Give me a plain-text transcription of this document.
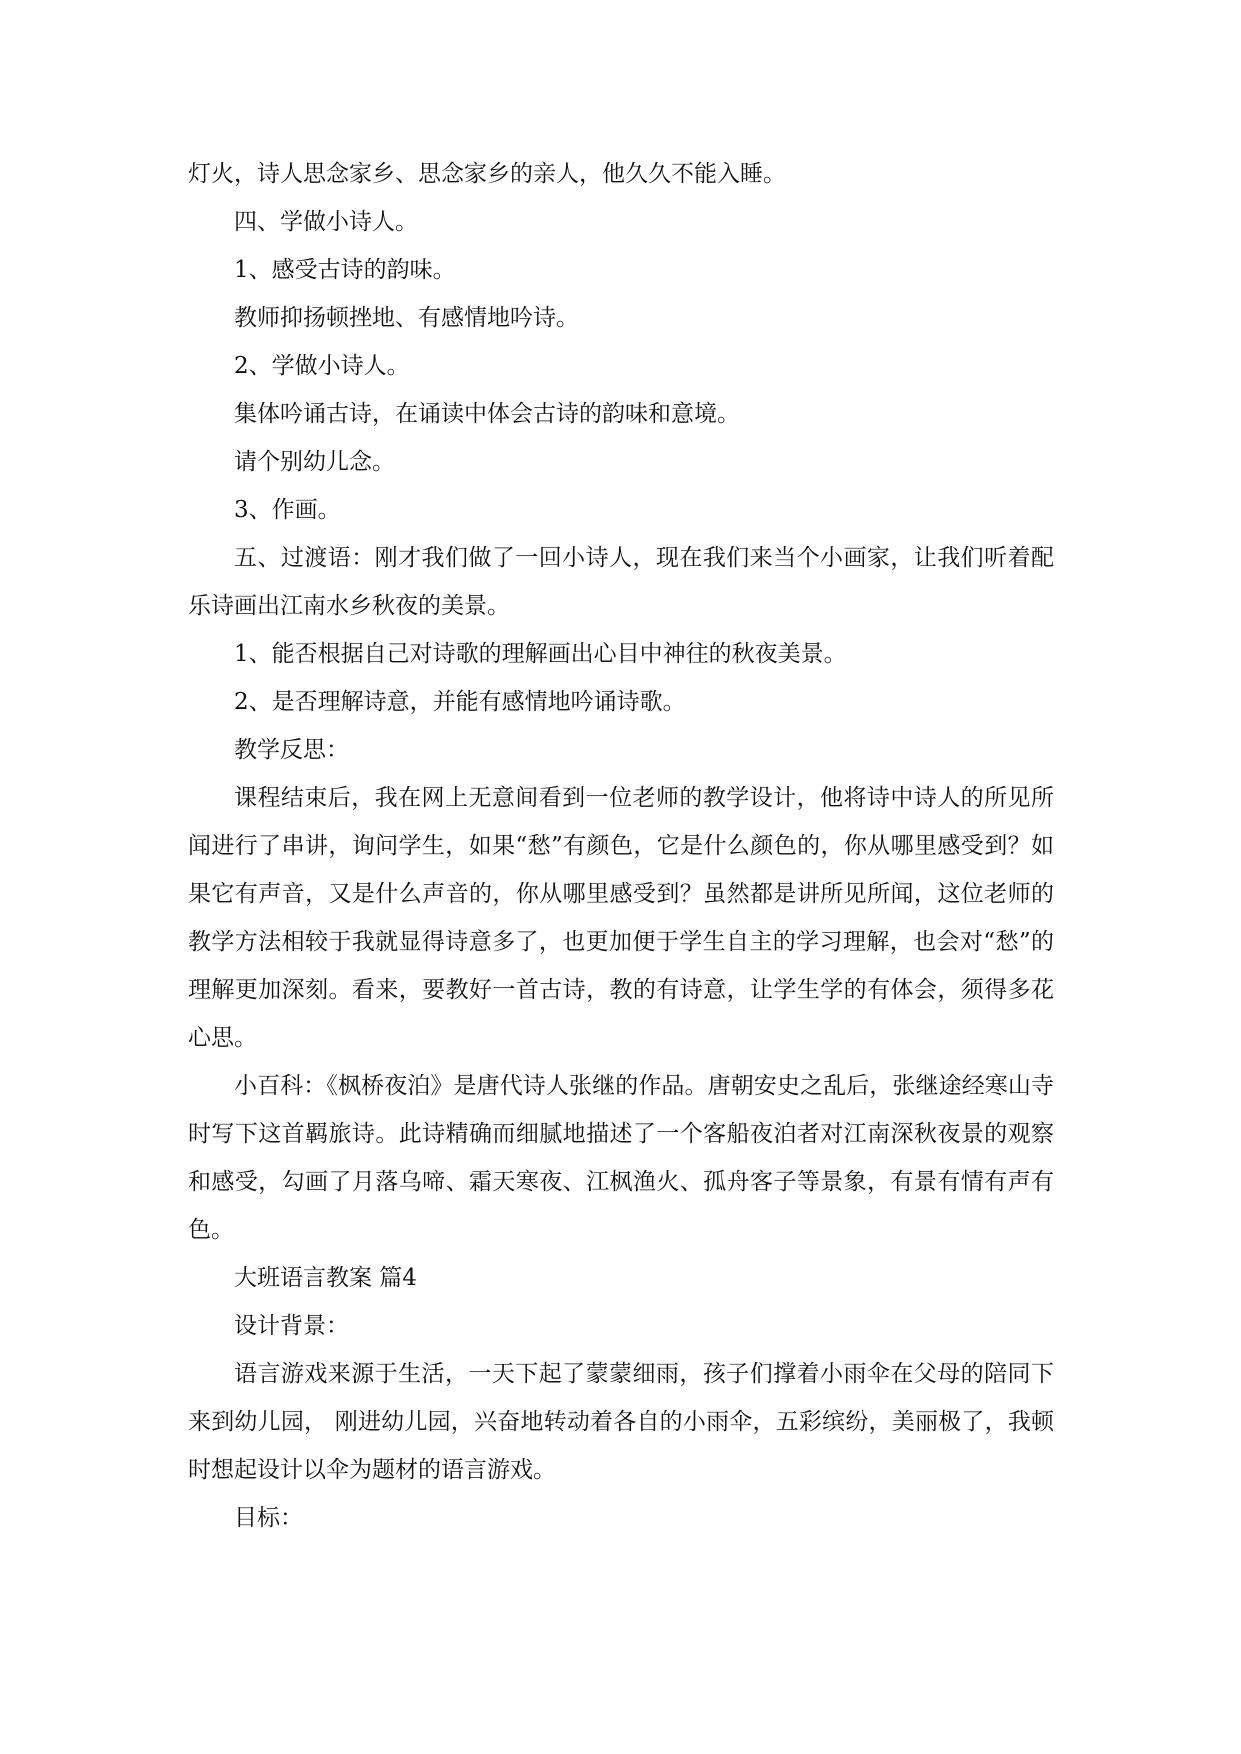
灯火，诗人思念家乡、思念家乡的亲人，他久久不能入睡。

四、学做小诗人。

1、感受古诗的韵味。

教师抑扬顿挫地、有感情地吟诗。

2、学做小诗人。

集体吟诵古诗，在诵读中体会古诗的韵味和意境。

请个别幼儿念。

3、作画。

五、过渡语：刚才我们做了一回小诗人，现在我们来当个小画家，让我们听着配乐诗画出江南水乡秋夜的美景。

1、能否根据自己对诗歌的理解画出心目中神往的秋夜美景。

2、是否理解诗意，并能有感情地吟诵诗歌。

教学反思：

课程结束后，我在网上无意间看到一位老师的教学设计，他将诗中诗人的所见所闻进行了串讲，询问学生，如果“愁”有颜色，它是什么颜色的，你从哪里感受到？如果它有声音，又是什么声音的，你从哪里感受到？虽然都是讲所见所闻，这位老师的教学方法相较于我就显得诗意多了，也更加便于学生自主的学习理解，也会对“愁”的理解更加深刻。看来，要教好一首古诗，教的有诗意，让学生学的有体会，须得多花心思。

小百科：《枫桥夜泊》是唐代诗人张继的作品。唐朝安史之乱后，张继途经寒山寺时写下这首羁旅诗。此诗精确而细腻地描述了一个客船夜泊者对江南深秋夜景的观察和感受，勾画了月落乌啼、霜天寒夜、江枫渔火、孤舟客子等景象，有景有情有声有色。

大班语言教案 篇4

设计背景：

语言游戏来源于生活，一天下起了蒙蒙细雨，孩子们撑着小雨伞在父母的陪同下来到幼儿园， 刚进幼儿园，兴奋地转动着各自的小雨伞，五彩缤纷，美丽极了，我顿时想起设计以伞为题材的语言游戏。

目标：
